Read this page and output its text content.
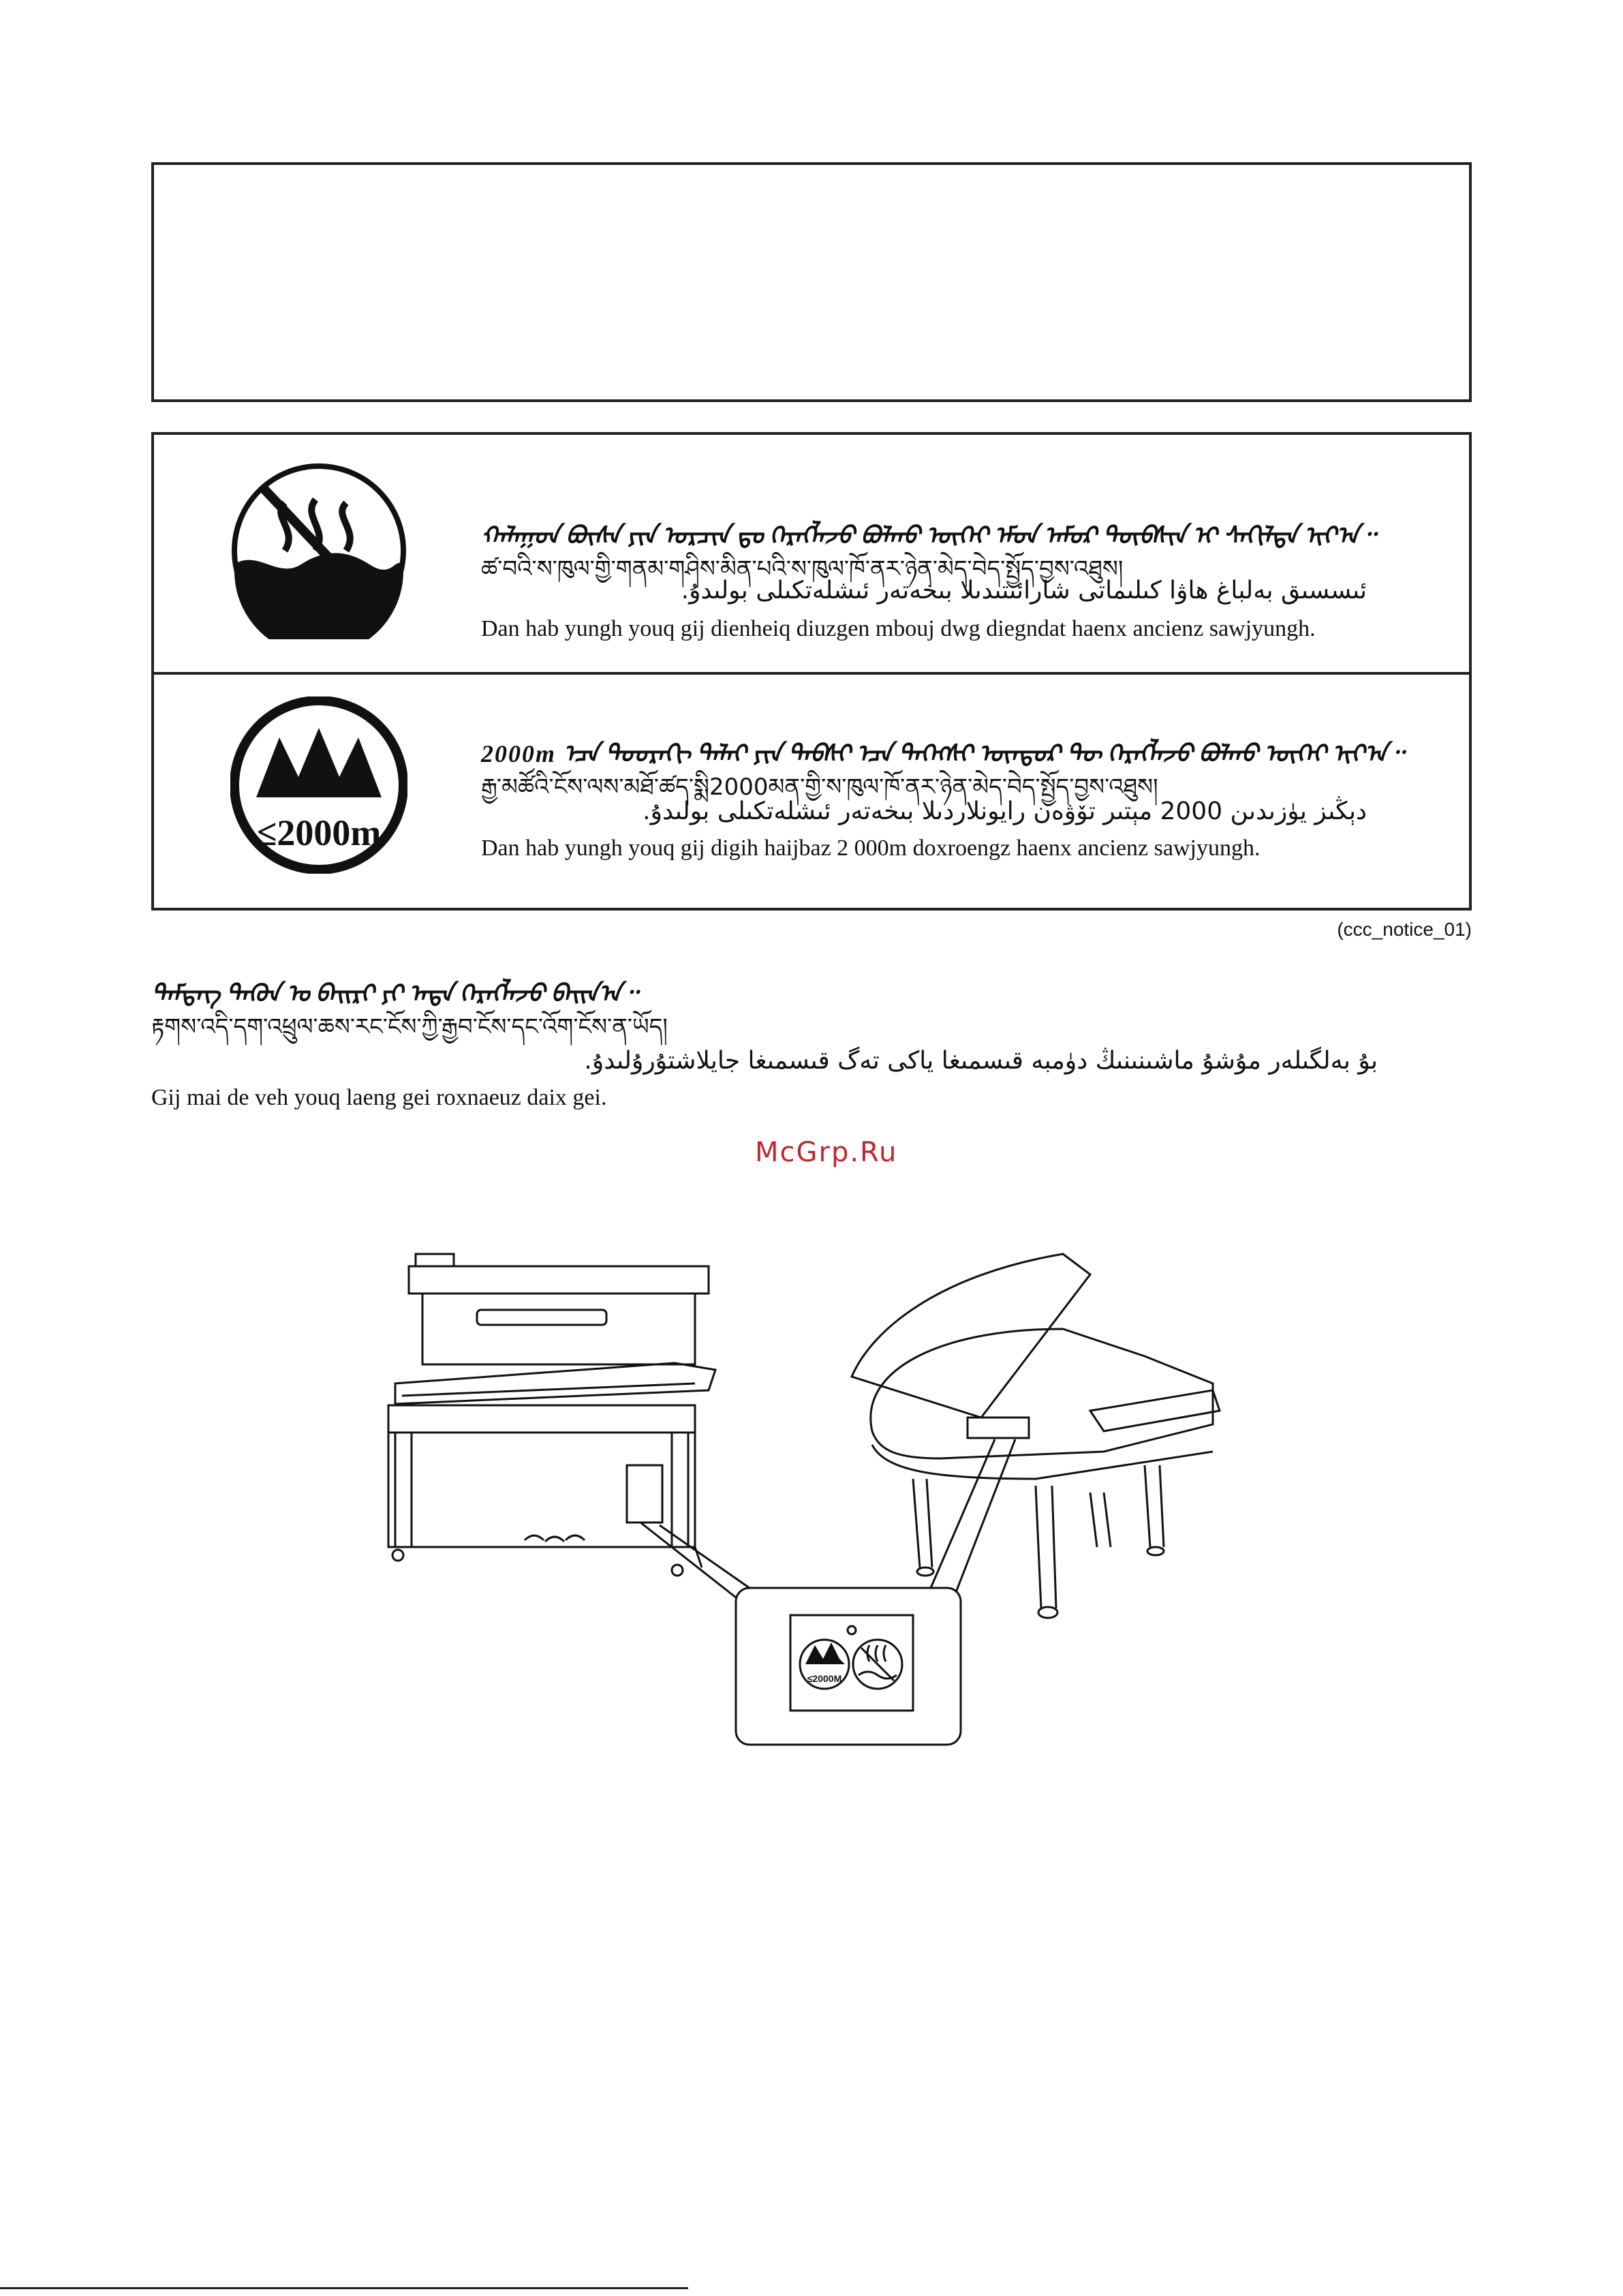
ᠬᠠᠯᠠᠭᠤᠨ ᠪᠦᠰᠡ ᠶᠢᠨ ᠤᠷᠴᠢᠨ ᠳᠤ ᠬᠡᠷᠡᠭᠯᠡᠵᠦ ᠪᠣᠯᠬᠤ ᠦᠭᠡᠢ ᠡᠮᠤᠨ ᠠᠮᠤᠷ ᠲᠦᠪᠰᠢᠨ ᠢ ᠰᠠᠬᠢᠯᠳᠠ ᠢᠶ᠎ᠠ᠃
ཚ་བའི་ས་ཁུལ་གྱི་གནམ་གཤིས་མིན་པའི་ས་ཁུལ་ཁོ་ནར་ཉེན་མེད་བེད་སྤྱོད་བྱས་འཐུས།
ئىسسىق بەلباغ ھاۋا كىلىماتى شارائىتىدىلا بىخەتەر ئىشلەتكىلى بولىدۇ.
Dan hab yungh youq gij dienheiq diuzgen mbouj dwg diegndat haenx ancienz sawjyungh.
≤2000m
2000m ᠡᠴᠡ ᠳᠣᠣᠷᠠᠬᠢ ᠳᠠᠯᠠᠢ ᠶᠢᠨ ᠲᠡᠪᠰᠢ ᠡᠴᠡ ᠳᠡᠭᠡᠭᠰᠢ ᠦᠨᠳᠦᠷ ᠲᠦ ᠬᠡᠷᠡᠭᠯᠡᠵᠦ ᠪᠣᠯᠬᠤ ᠦᠭᠡᠢ ᠢᠶ᠎ᠠ᠃
རྒྱ་མཚོའི་ངོས་ལས་མཐོ་ཚད་སྨི2000མན་གྱི་ས་ཁུལ་ཁོ་ནར་ཉེན་མེད་བེད་སྤྱོད་བྱས་འཐུས།
دېڭىز يۈزىدىن 2000 مېتىر تۆۋەن رايونلاردىلا بىخەتەر ئىشلەتكىلى بولىدۇ.
Dan hab yungh youq gij digih haijbaz 2 000m doxroengz haenx ancienz sawjyungh.
(ccc_notice_01)
ᠲᠡᠮᠳᠡᠭ ᠲᠡᠭᠦᠨ ᠤ ᠪᠠᠢᠷᠢ ᠶᠢ ᠡᠨᠳᠡ ᠬᠡᠷᠡᠭᠯᠡᠵᠦ ᠪᠠᠢᠨ᠎ᠠ᠃
རྟགས་འདི་དག་འཕྲུལ་ཆས་རང་ངོས་ཀྱི་རྒྱབ་ངོས་དང་འོག་ངོས་ན་ཡོད།
بۇ بەلگىلەر مۇشۇ ماشىنىنىڭ دۈمبە قىسمىغا ياكى تەگ قىسمىغا جايلاشتۇرۇلىدۇ.
Gij mai de veh youq laeng gei roxnaeuz daix gei.
McGrp.Ru
≤2000M
